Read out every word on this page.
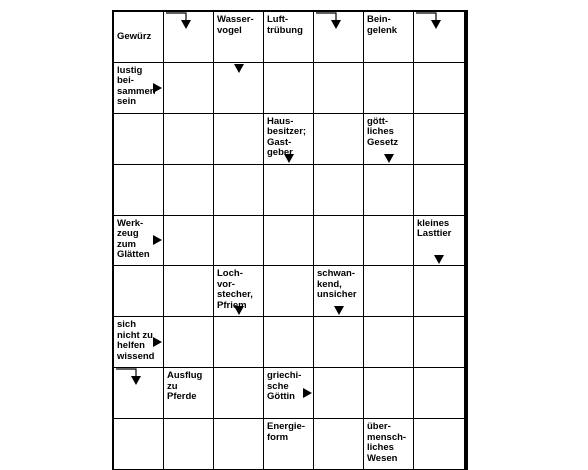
Gewürz
Wasser-
vogel
Luft-
trübung
Bein-
gelenk
lustig
bei-
sammen
sein
Haus-
besitzer;
Gast-
geber
gött-
liches
Gesetz
Werk-
zeug
zum
Glätten
kleines
Lasttier
Loch-
vor-
stecher,
Pfriem
schwan-
kend,
unsicher
sich
nicht zu
helfen
wissend
Ausflug
zu
Pferde
griechi-
sche
Göttin
Energie-
form
über-
mensch-
liches
Wesen
